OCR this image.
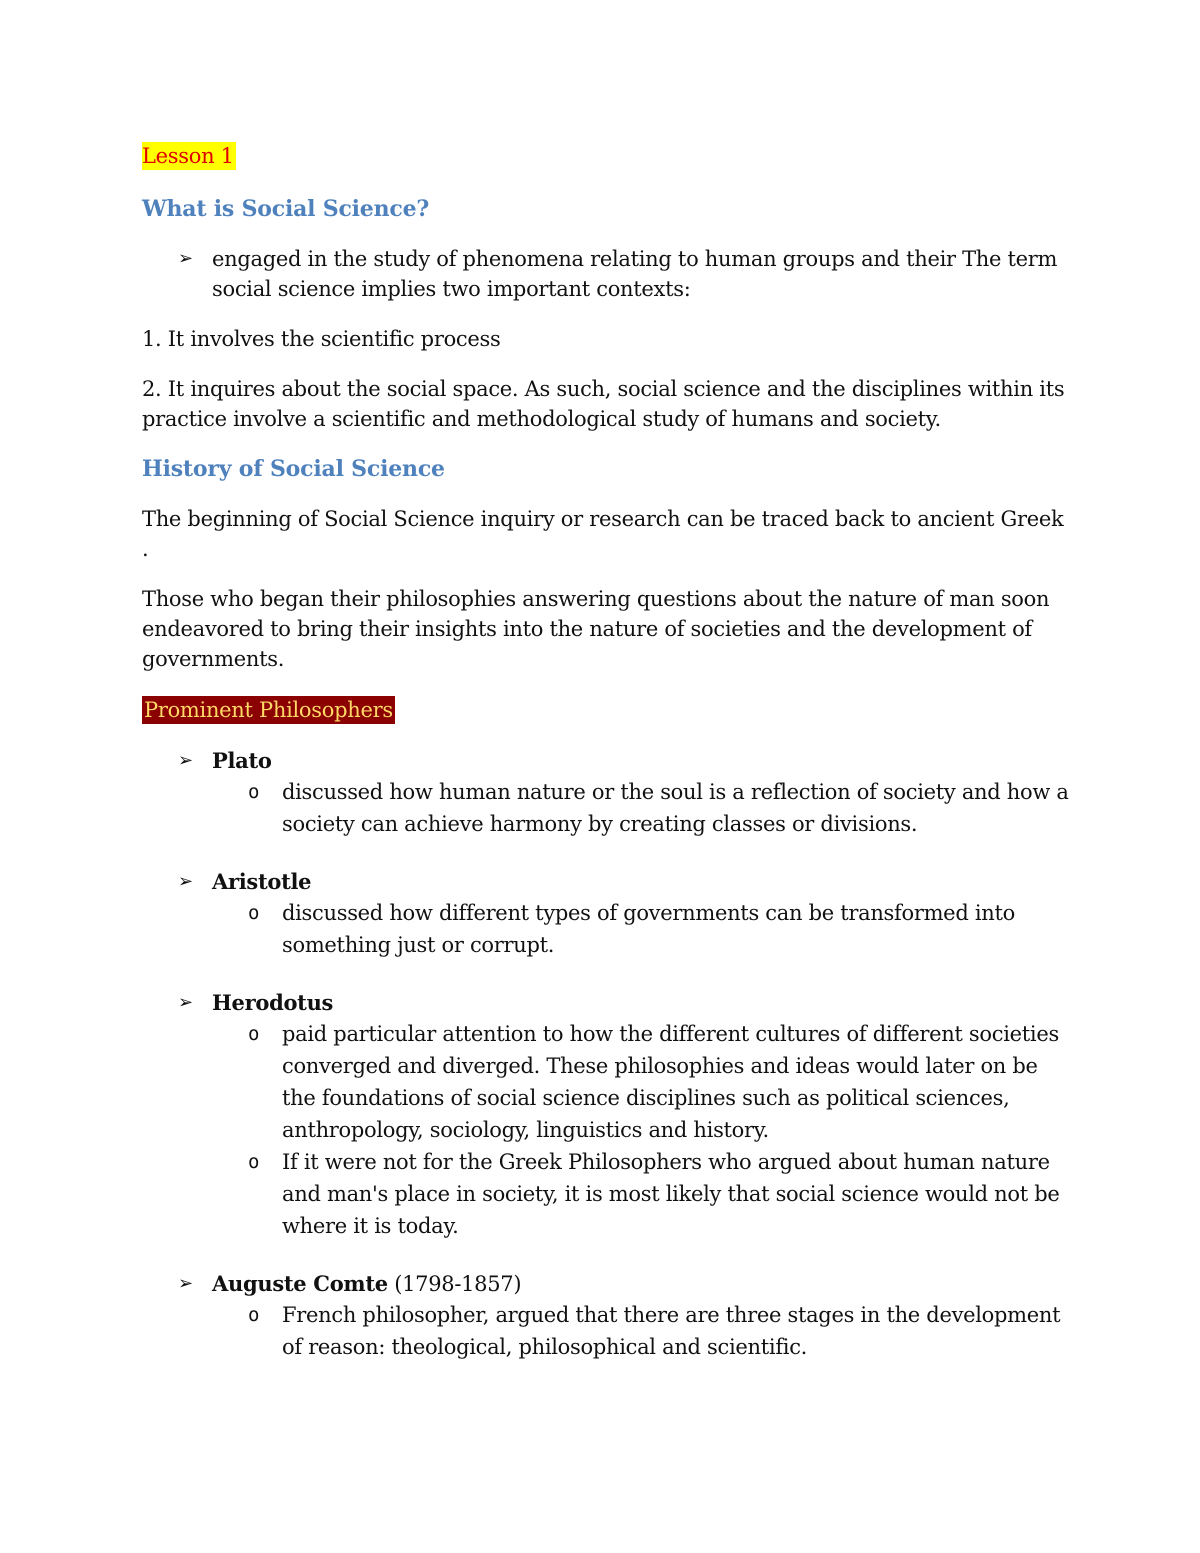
Lesson 1

What is Social Science?

➢ engaged in the study of phenomena relating to human groups and their The term social science implies two important contexts:

1. It involves the scientific process

2. It inquires about the social space. As such, social science and the disciplines within its practice involve a scientific and methodological study of humans and society.

History of Social Science

The beginning of Social Science inquiry or research can be traced back to ancient Greek .

Those who began their philosophies answering questions about the nature of man soon endeavored to bring their insights into the nature of societies and the development of governments.

Prominent Philosophers
➢ Plato

o discussed how human nature or the soul is a reflection of society and how a society can achieve harmony by creating classes or divisions.

➢ Aristotle

o discussed how different types of governments can be transformed into something just or corrupt.

➢ Herodotus

o paid particular attention to how the different cultures of different societies converged and diverged. These philosophies and ideas would later on be the foundations of social science disciplines such as political sciences, anthropology, sociology, linguistics and history.

o If it were not for the Greek Philosophers who argued about human nature and man's place in society, it is most likely that social science would not be where it is today.

➢ Auguste Comte (1798-1857)

o French philosopher, argued that there are three stages in the development of reason: theological, philosophical and scientific.
